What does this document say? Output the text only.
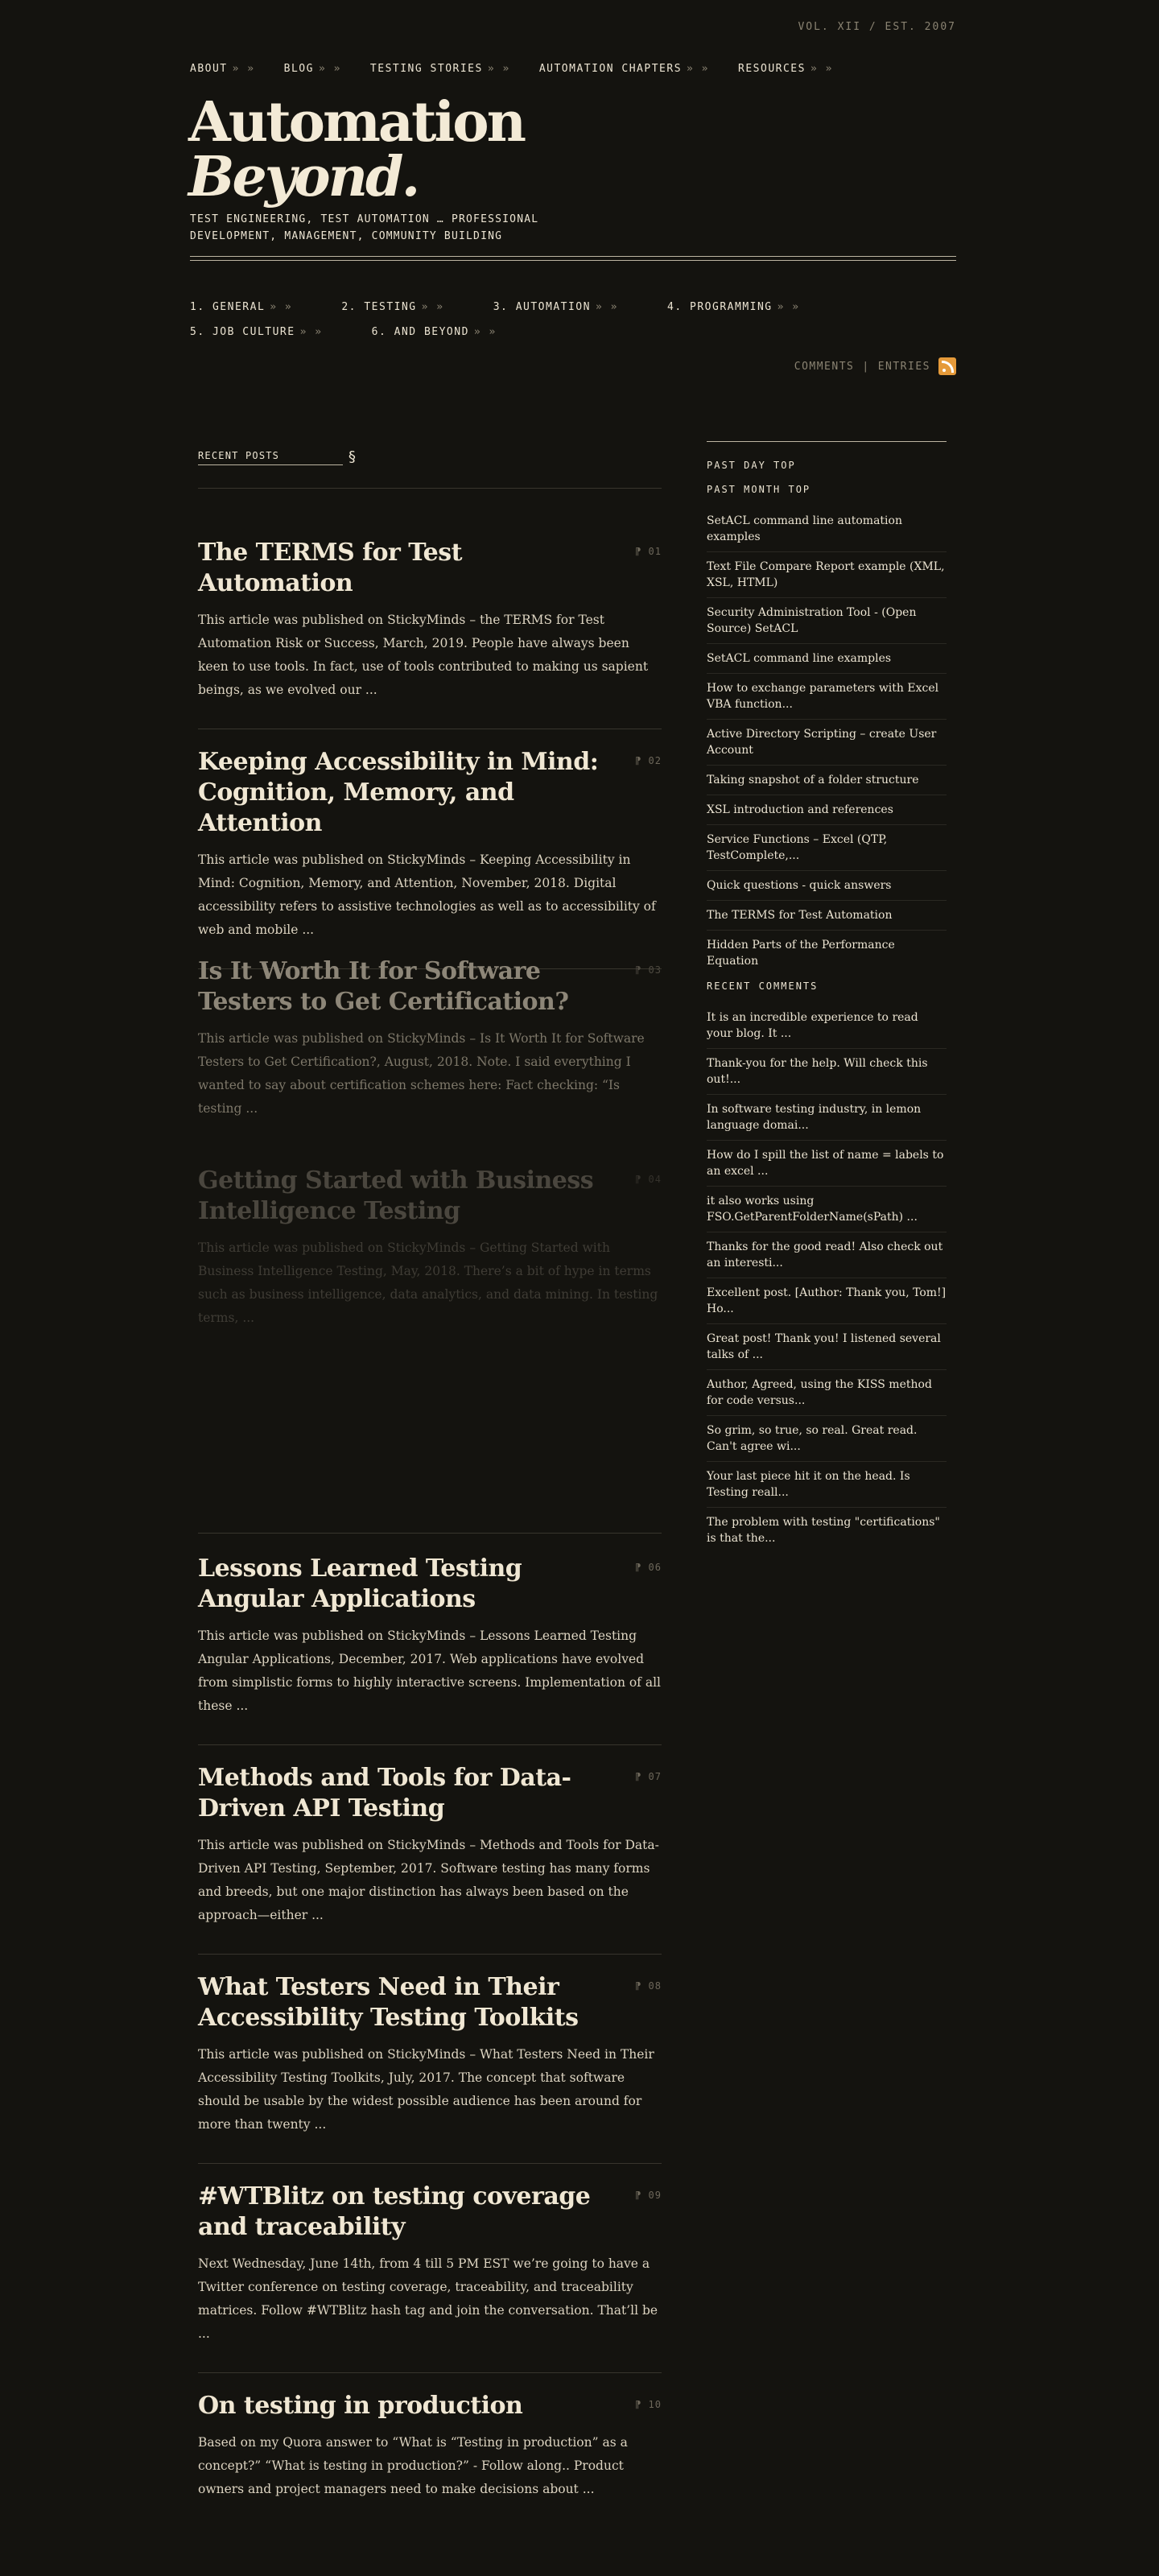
VOL. XII / EST. 2007
ABOUT » »	BLOG » »	TESTING STORIES » »	AUTOMATION CHAPTERS » »	RESOURCES » »
Automation
Beyond.
TEST ENGINEERING, TEST AUTOMATION … PROFESSIONAL DEVELOPMENT, MANAGEMENT, COMMUNITY BUILDING
1. GENERAL » »	2. TESTING » »	3. AUTOMATION » »	4. PROGRAMMING » » 5. JOB CULTURE » »	6. AND BEYOND » »
COMMENTS | ENTRIES
RECENT POSTS	§
⁋ 01
The TERMS for Test Automation

This article was published on StickyMinds – the TERMS for Test Automation Risk or Success, March, 2019. People have always been keen to use tools. In fact, use of tools contributed to making us sapient beings, as we evolved our ...

⁋ 02
Keeping Accessibility in Mind: Cognition, Memory, and Attention

This article was published on StickyMinds – Keeping Accessibility in Mind: Cognition, Memory, and Attention, November, 2018. Digital accessibility refers to assistive technologies as well as to accessibility of web and mobile ...

⁋ 03
Is It Worth It for Software Testers to Get Certification?

This article was published on StickyMinds – Is It Worth It for Software Testers to Get Certification?, August, 2018. Note. I said everything I wanted to say about certification schemes here: Fact checking: “Is testing ...

⁋ 04
Getting Started with Business Intelligence Testing

This article was published on StickyMinds – Getting Started with Business Intelligence Testing, May, 2018. There’s a bit of hype in terms such as business intelligence, data analytics, and data mining. In testing terms, ...

⁋ 06
Lessons Learned Testing Angular Applications

This article was published on StickyMinds – Lessons Learned Testing Angular Applications, December, 2017. Web applications have evolved from simplistic forms to highly interactive screens. Implementation of all these ...

⁋ 07
Methods and Tools for Data-Driven API Testing

This article was published on StickyMinds – Methods and Tools for Data-Driven API Testing, September, 2017. Software testing has many forms and breeds, but one major distinction has always been based on the approach—either ...

⁋ 08
What Testers Need in Their Accessibility Testing Toolkits

This article was published on StickyMinds – What Testers Need in Their Accessibility Testing Toolkits, July, 2017. The concept that software should be usable by the widest possible audience has been around for more than twenty ...

⁋ 09
#WTBlitz on testing coverage and traceability

Next Wednesday, June 14th, from 4 till 5 PM EST we’re going to have a Twitter conference on testing coverage, traceability, and traceability matrices. Follow #WTBlitz hash tag and join the conversation. That’ll be ...

⁋ 10
On testing in production

Based on my Quora answer to “What is “Testing in production” as a concept?” “What is testing in production?” - Follow along.. Product owners and project managers need to make decisions about ...

PAST DAY TOP
PAST MONTH TOP
SetACL command line automation examples
Text File Compare Report example (XML, XSL, HTML)
Security Administration Tool - (Open Source) SetACL
SetACL command line examples
How to exchange parameters with Excel VBA function...
Active Directory Scripting – create User Account
Taking snapshot of a folder structure
XSL introduction and references
Service Functions – Excel (QTP, TestComplete,...
Quick questions - quick answers
The TERMS for Test Automation
Hidden Parts of the Performance Equation
RECENT COMMENTS
It is an incredible experience to read your blog. It ...
Thank-you for the help. Will check this out!...
In software testing industry, in lemon language domai...
How do I spill the list of name = labels to an excel ...
it also works using FSO.GetParentFolderName(sPath) ...
Thanks for the good read! Also check out an interesti...
Excellent post. [Author: Thank you, Tom!] Ho...
Great post! Thank you! I listened several talks of ...
Author, Agreed, using the KISS method for code versus...
So grim, so true, so real. Great read. Can't agree wi...
Your last piece hit it on the head. Is Testing reall...
The problem with testing "certifications" is that the...
